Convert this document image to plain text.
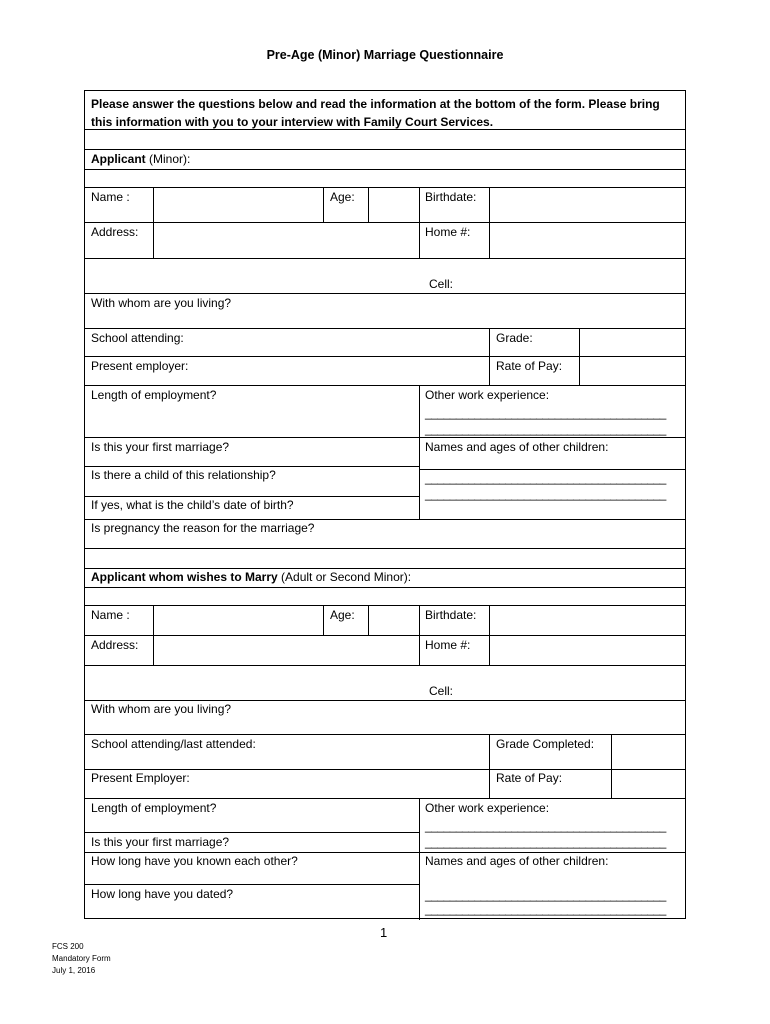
Pre-Age (Minor) Marriage Questionnaire
Please answer the questions below and read the information at the bottom of the form. Please bring
this information with you to your interview with Family Court Services.
Applicant (Minor):
Name :	Age:	Birthdate:
Address:	Home #:
Cell:
With whom are you living?
School attending:	Grade:
Present employer:	Rate of Pay:
Length of employment?	Other work experience:
_______________________________________
_______________________________________
Is this your first marriage?	Names and ages of other children:
Is there a child of this relationship?	_______________________________________
_______________________________________
If yes, what is the child’s date of birth?
Is pregnancy the reason for the marriage?
Applicant whom wishes to Marry (Adult or Second Minor):
Name :	Age:	Birthdate:
Address:	Home #:
Cell:
With whom are you living?
School attending/last attended:	Grade Completed:
Present Employer:	Rate of Pay:
Length of employment?	Other work experience:
_______________________________________
Is this your first marriage?	_______________________________________
How long have you known each other?	Names and ages of other children:
How long have you dated?	_______________________________________
_______________________________________
1
FCS 200
Mandatory Form
July 1, 2016
